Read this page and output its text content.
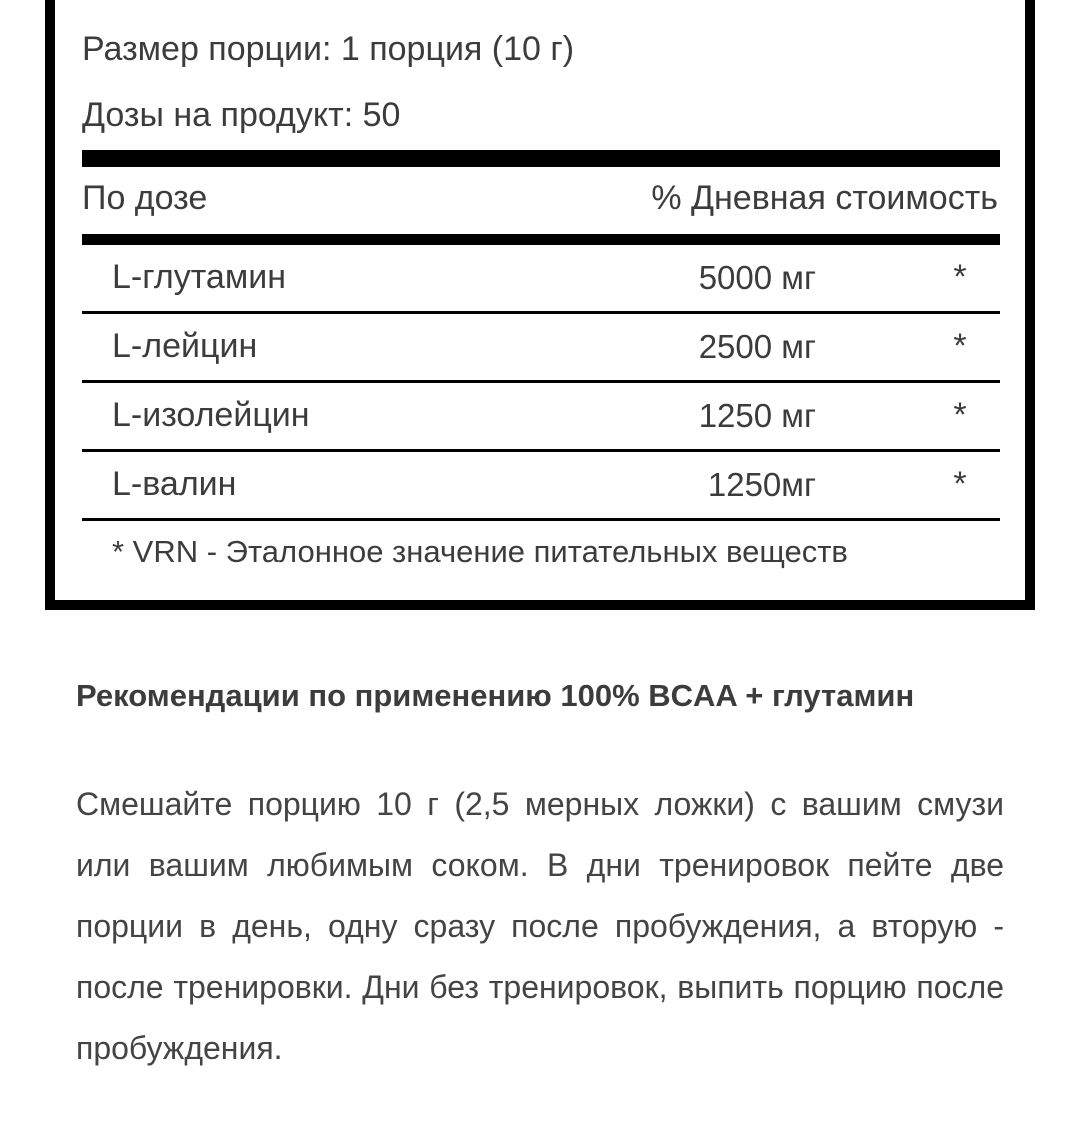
Размер порции: 1 порция (10 г)
Дозы на продукт: 50
По дозе	% Дневная стоимость
L-глутамин	5000 мг	*
L-лейцин	2500 мг	*
L-изолейцин	1250 мг	*
L-валин	1250мг	*
* VRN - Эталонное значение питательных веществ
Рекомендации по применению 100% BCAA + глутамин

Смешайте порцию 10 г (2,5 мерных ложки) с вашим смузи или вашим любимым соком. В дни тренировок пейте две порции в день, одну сразу после пробуждения, а вторую - после тренировки. Дни без тренировок, выпить порцию после пробуждения.
